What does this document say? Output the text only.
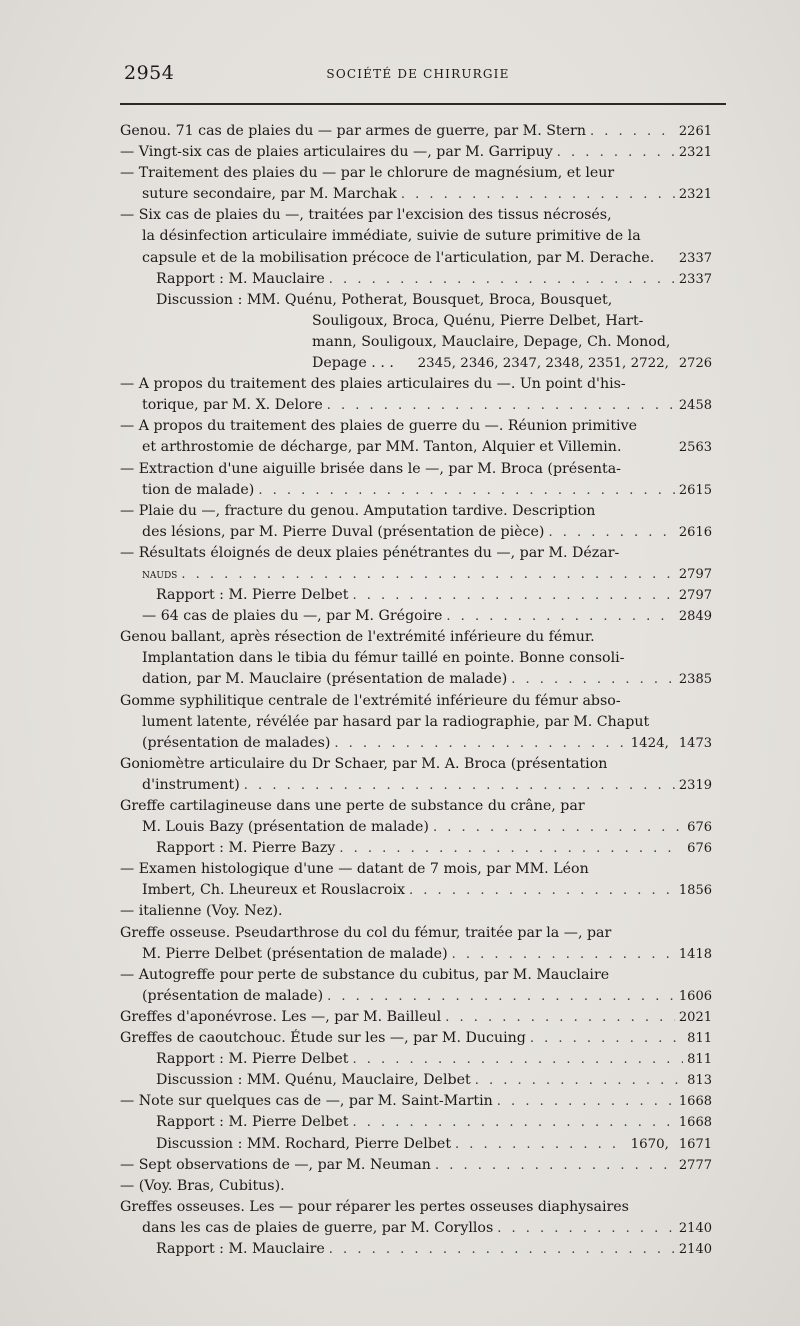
2954	SOCIÉTÉ DE CHIRURGIE
Genou. 71 cas de plaies du — par armes de guerre, par M. Stern . . .	2261
— Vingt-six cas de plaies articulaires du —, par M. Garripuy . . .	2321
— Traitement des plaies du — par le chlorure de magnésium, et leur
suture secondaire, par M. Marchak . . .	2321
— Six cas de plaies du —, traitées par l'excision des tissus nécrosés,
la désinfection articulaire immédiate, suivie de suture primitive de la
capsule et de la mobilisation précoce de l'articulation, par M. Derache.	2337
Rapport : M. Mauclaire . . .	2337
Discussion : MM. Quénu, Potherat, Bousquet, Broca, Bousquet,
Souligoux, Broca, Quénu, Pierre Delbet, Hart-
mann, Souligoux, Mauclaire, Depage, Ch. Monod,
Depage . . . 2345, 2346, 2347, 2348, 2351, 2722, 2726
— A propos du traitement des plaies articulaires du —. Un point d'his-
torique, par M. X. Delore . . .	2458
— A propos du traitement des plaies de guerre du —. Réunion primitive
et arthrostomie de décharge, par MM. Tanton, Alquier et Villemin.	2563
— Extraction d'une aiguille brisée dans le —, par M. Broca (présenta-
tion de malade) . . .	2615
— Plaie du —, fracture du genou. Amputation tardive. Description
des lésions, par M. Pierre Duval (présentation de pièce) . . .	2616
— Résultats éloignés de deux plaies pénétrantes du —, par M. Dézar-
nauds . . .	2797
Rapport : M. Pierre Delbet . . .	2797
— 64 cas de plaies du —, par M. Grégoire . . .	2849
Genou ballant, après résection de l'extrémité inférieure du fémur.
Implantation dans le tibia du fémur taillé en pointe. Bonne consoli-
dation, par M. Mauclaire (présentation de malade) . . .	2385
Gomme syphilitique centrale de l'extrémité inférieure du fémur abso-
lument latente, révélée par hasard par la radiographie, par M. Chaput
(présentation de malades) . . .	1424, 1473
Goniomètre articulaire du Dr Schaer, par M. A. Broca (présentation
d'instrument) . . .	2319
Greffe cartilagineuse dans une perte de substance du crâne, par
M. Louis Bazy (présentation de malade) . . .	676
Rapport : M. Pierre Bazy . . .	676
— Examen histologique d'une — datant de 7 mois, par MM. Léon
Imbert, Ch. Lheureux et Rouslacroix . . .	1856
— italienne (Voy. Nez).
Greffe osseuse. Pseudarthrose du col du fémur, traitée par la —, par
M. Pierre Delbet (présentation de malade) . . .	1418
— Autogreffe pour perte de substance du cubitus, par M. Mauclaire
(présentation de malade) . . .	1606
Greffes d'aponévrose. Les —, par M. Bailleul . . .	2021
Greffes de caoutchouc. Étude sur les —, par M. Ducuing . . .	811
Rapport : M. Pierre Delbet . . .	811
Discussion : MM. Quénu, Mauclaire, Delbet . . .	813
— Note sur quelques cas de —, par M. Saint-Martin . . .	1668
Rapport : M. Pierre Delbet . . .	1668
Discussion : MM. Rochard, Pierre Delbet . . .	1670, 1671
— Sept observations de —, par M. Neuman . . .	2777
— (Voy. Bras, Cubitus).
Greffes osseuses. Les — pour réparer les pertes osseuses diaphysaires
dans les cas de plaies de guerre, par M. Coryllos . . .	2140
Rapport : M. Mauclaire . . .	2140
